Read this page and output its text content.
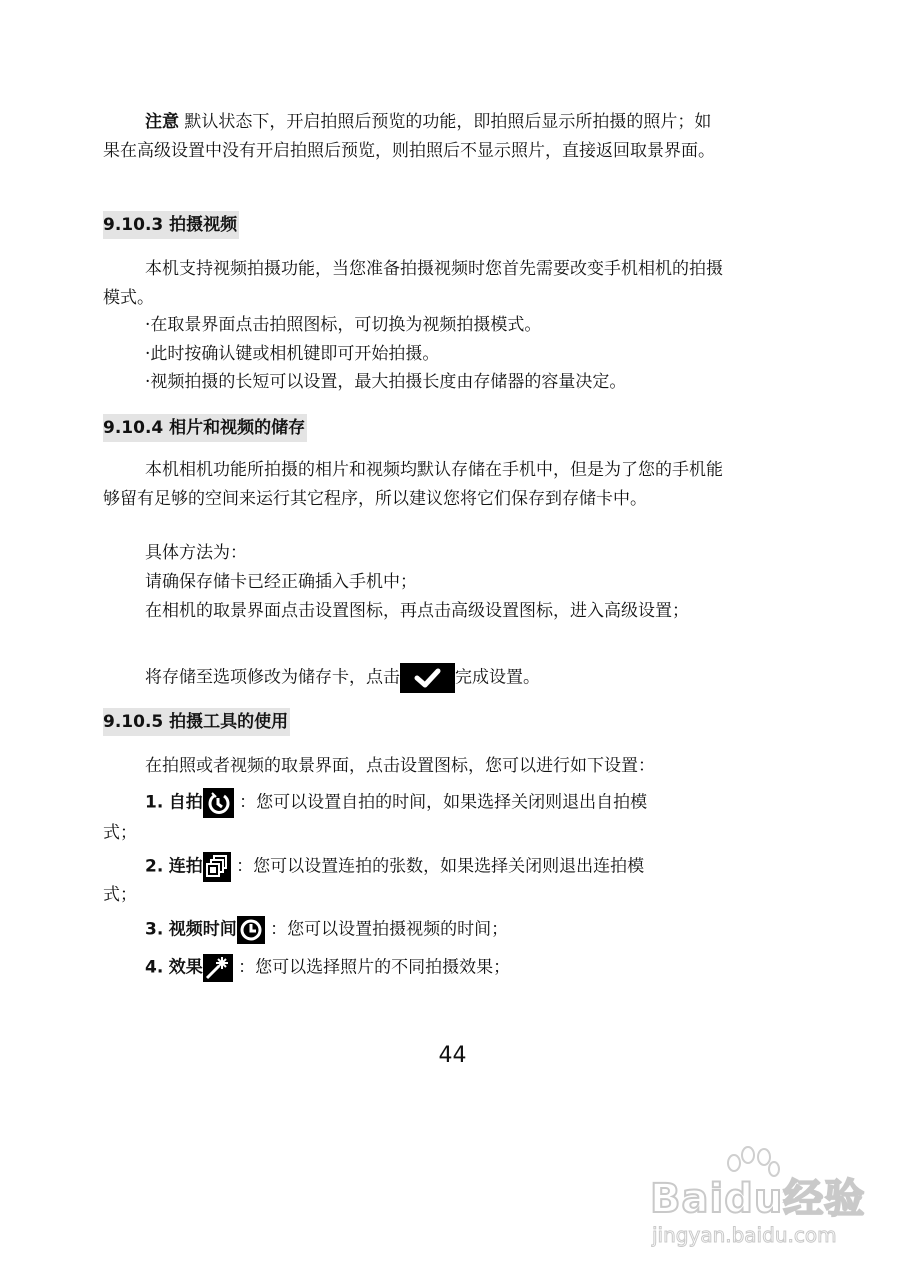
注意 默认状态下，开启拍照后预览的功能，即拍照后显示所拍摄的照片；如果在高级设置中没有开启拍照后预览，则拍照后不显示照片，直接返回取景界面。

9.10.3 拍摄视频

本机支持视频拍摄功能，当您准备拍摄视频时您首先需要改变手机相机的拍摄模式。

·在取景界面点击拍照图标，可切换为视频拍摄模式。
·此时按确认键或相机键即可开始拍摄。
·视频拍摄的长短可以设置，最大拍摄长度由存储器的容量决定。
9.10.4 相片和视频的储存

本机相机功能所拍摄的相片和视频均默认存储在手机中，但是为了您的手机能够留有足够的空间来运行其它程序，所以建议您将它们保存到存储卡中。

具体方法为：
请确保存储卡已经正确插入手机中；

在相机的取景界面点击设置图标，再点击高级设置图标，进入高级设置；

将存储至选项修改为储存卡，点击	完成设置。
9.10.5 拍摄工具的使用
在拍照或者视频的取景界面，点击设置图标，您可以进行如下设置：
1. 自拍 ：您可以设置自拍的时间，如果选择关闭则退出自拍模
式；
2. 连拍 ：您可以设置连拍的张数，如果选择关闭则退出连拍模
式；
3. 视频时间 ：您可以设置拍摄视频的时间；
4. 效果 ：您可以选择照片的不同拍摄效果；
44
Baidu经验
jingyan.baidu.com
